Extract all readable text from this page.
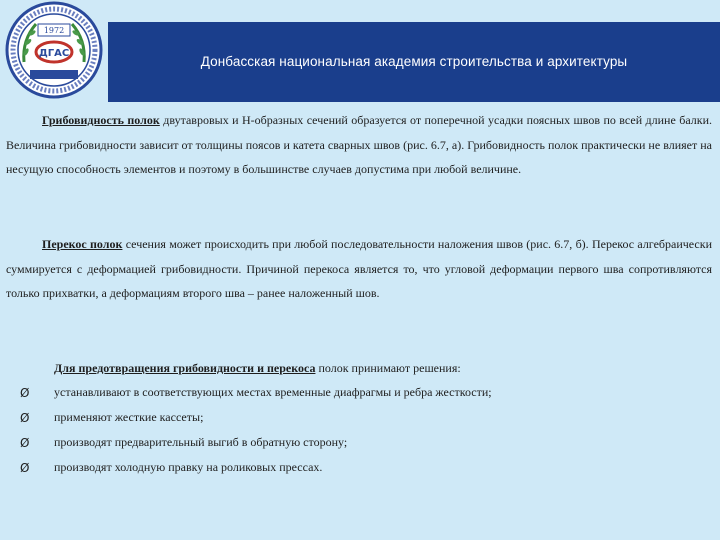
1972
ДГАС
Донбасская национальная академия строительства и архитектуры
Грибовидность полок двутавровых и Н-образных сечений образуется от поперечной усадки поясных швов по всей длине балки. Величина грибовидности зависит от толщины поясов и катета сварных швов (рис. 6.7, а). Грибовидность полок практически не влияет на несущую способность элементов и поэтому в большинстве случаев допустима при любой величине.
Перекос полок сечения может происходить при любой последовательности наложения швов (рис. 6.7, б). Перекос алгебраически суммируется с деформацией грибовидности. Причиной перекоса является то, что угловой деформации первого шва сопротивляются только прихватки, а деформациям второго шва – ранее наложенный шов.
Для предотвращения грибовидности и перекоса полок принимают решения:
Ø	устанавливают в соответствующих местах временные диафрагмы и ребра жесткости;
Ø	применяют жесткие кассеты;
Ø	производят предварительный выгиб в обратную сторону;
Ø	производят холодную правку на роликовых прессах.
